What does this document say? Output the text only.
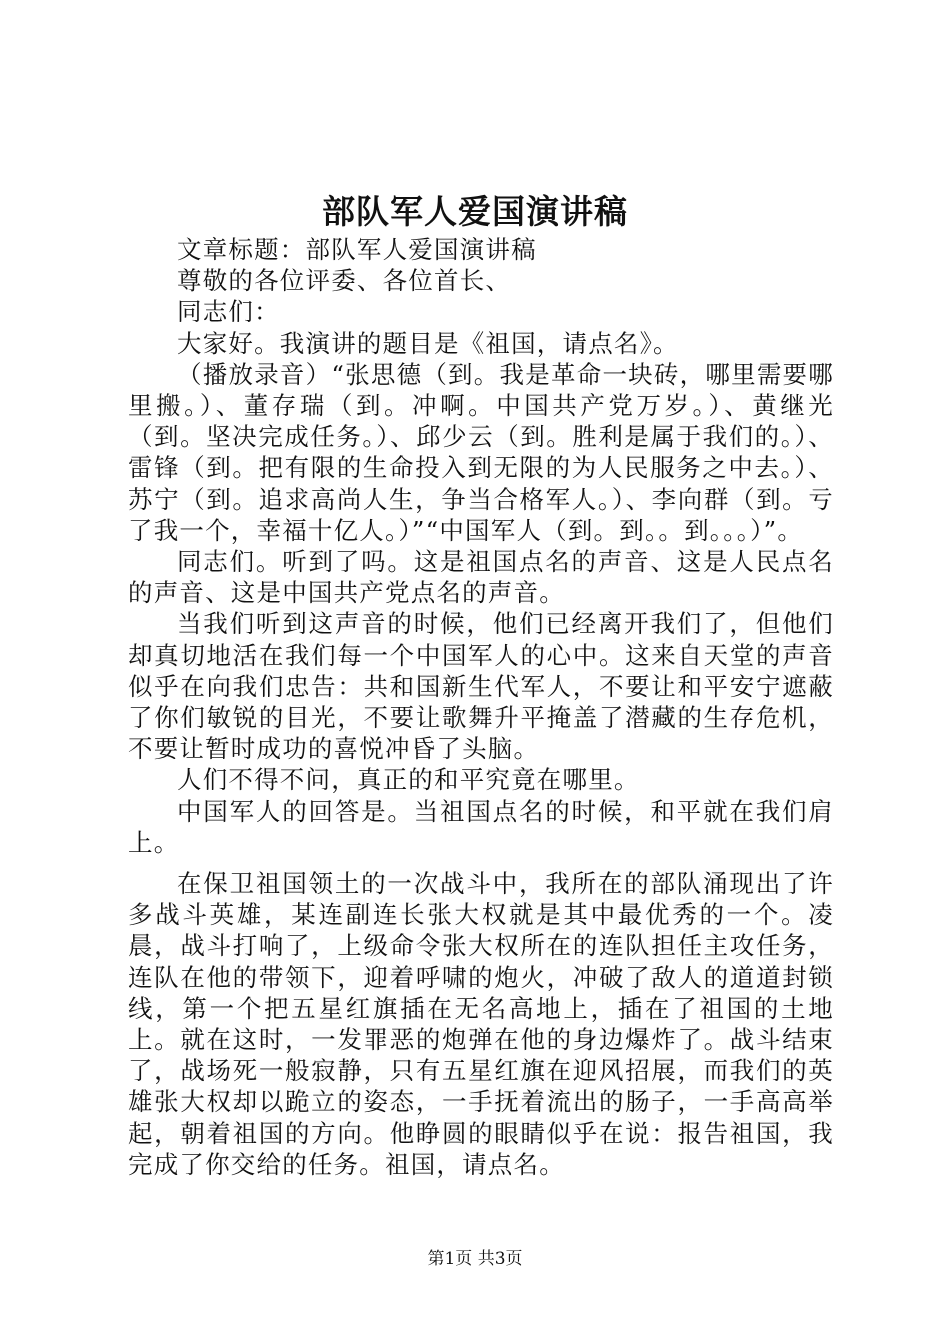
部队军人爱国演讲稿

文章标题：部队军人爱国演讲稿

尊敬的各位评委、各位首长、

同志们：

大家好。我演讲的题目是《祖国，请点名》。

（播放录音）“张思德（到。我是革命一块砖，哪里需要哪里搬。）、董存瑞（到。冲啊。中国共产党万岁。）、黄继光（到。坚决完成任务。）、邱少云（到。胜利是属于我们的。）、雷锋（到。把有限的生命投入到无限的为人民服务之中去。）、苏宁（到。追求高尚人生，争当合格军人。）、李向群（到。亏了我一个，幸福十亿人。）”“中国军人（到。到。。到。。。）”。

同志们。听到了吗。这是祖国点名的声音、这是人民点名的声音、这是中国共产党点名的声音。

当我们听到这声音的时候，他们已经离开我们了，但他们却真切地活在我们每一个中国军人的心中。这来自天堂的声音似乎在向我们忠告：共和国新生代军人，不要让和平安宁遮蔽了你们敏锐的目光，不要让歌舞升平掩盖了潜藏的生存危机，不要让暂时成功的喜悦冲昏了头脑。

人们不得不问，真正的和平究竟在哪里。

中国军人的回答是。当祖国点名的时候，和平就在我们肩上。

在保卫祖国领土的一次战斗中，我所在的部队涌现出了许多战斗英雄，某连副连长张大权就是其中最优秀的一个。凌晨，战斗打响了，上级命令张大权所在的连队担任主攻任务，连队在他的带领下，迎着呼啸的炮火，冲破了敌人的道道封锁线，第一个把五星红旗插在无名高地上，插在了祖国的土地上。就在这时，一发罪恶的炮弹在他的身边爆炸了。战斗结束了，战场死一般寂静，只有五星红旗在迎风招展，而我们的英雄张大权却以跪立的姿态，一手抚着流出的肠子，一手高高举起，朝着祖国的方向。他睁圆的眼睛似乎在说：报告祖国，我完成了你交给的任务。祖国，请点名。

第1页 共3页
